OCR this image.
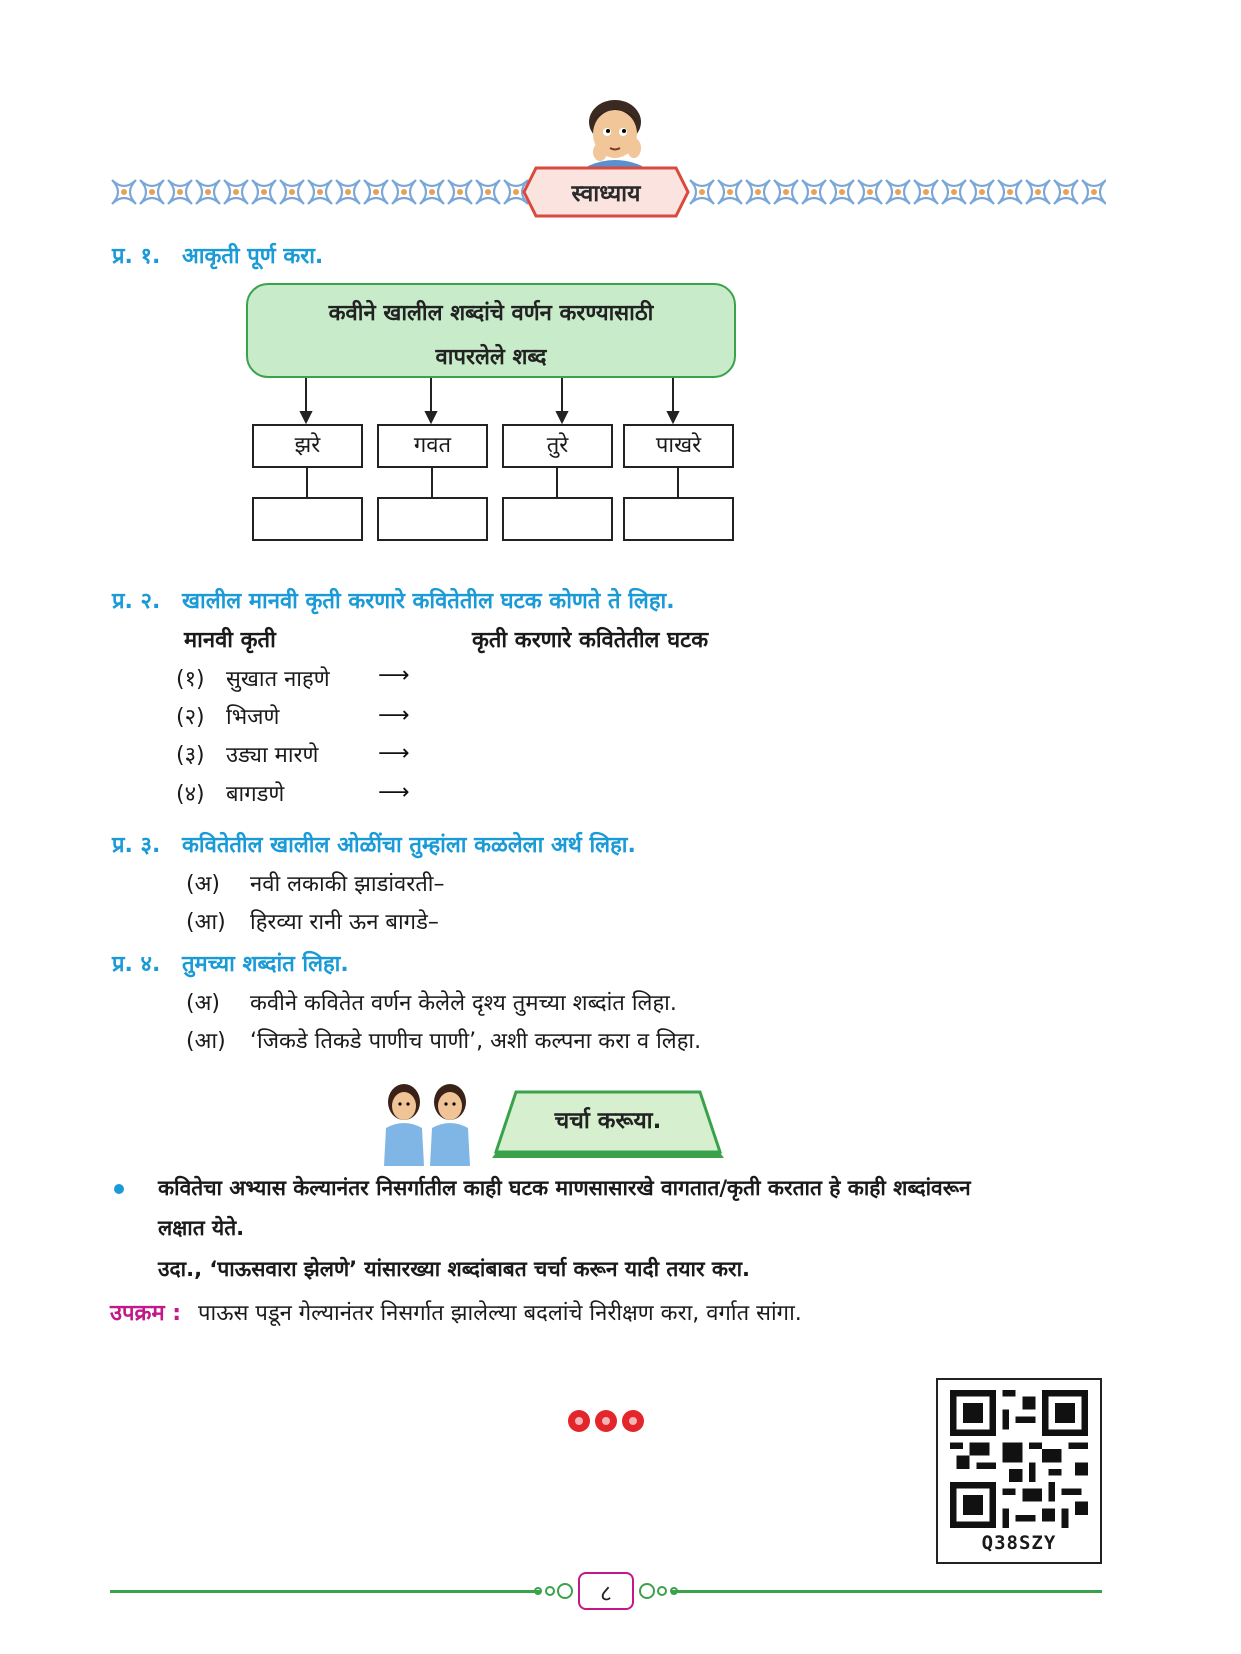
स्वाध्याय
प्र. १. आकृती पूर्ण करा.
कवीने खालील शब्दांचे वर्णन करण्यासाठी
वापरलेले शब्द
झरे	गवत	तुरे	पाखरे
प्र. २. खालील मानवी कृती करणारे कवितेतील घटक कोणते ते लिहा.
मानवी कृती	कृती करणारे कवितेतील घटक
(१) सुखात नाहणे ⟶
(२) भिजणे	⟶
(३) उड्या मारणे	⟶
(४) बागडणे	⟶
प्र. ३. कवितेतील खालील ओळींचा तुम्हांला कळलेला अर्थ लिहा.
(अ) नवी लकाकी झाडांवरती–
(आ) हिरव्या रानी ऊन बागडे–
प्र. ४. तुमच्या शब्दांत लिहा.
(अ) कवीने कवितेत वर्णन केलेले दृश्य तुमच्या शब्दांत लिहा.
(आ) ‘जिकडे तिकडे पाणीच पाणी’, अशी कल्पना करा व लिहा.
चर्चा करूया.
कवितेचा अभ्यास केल्यानंतर निसर्गातील काही घटक माणसासारखे वागतात/कृती करतात हे काही शब्दांवरून
लक्षात येते.
उदा., ‘पाऊसवारा झेलणे’ यांसारख्या शब्दांबाबत चर्चा करून यादी तयार करा.
उपक्रम : पाऊस पडून गेल्यानंतर निसर्गात झालेल्या बदलांचे निरीक्षण करा, वर्गात सांगा.
Q38SZY
८
